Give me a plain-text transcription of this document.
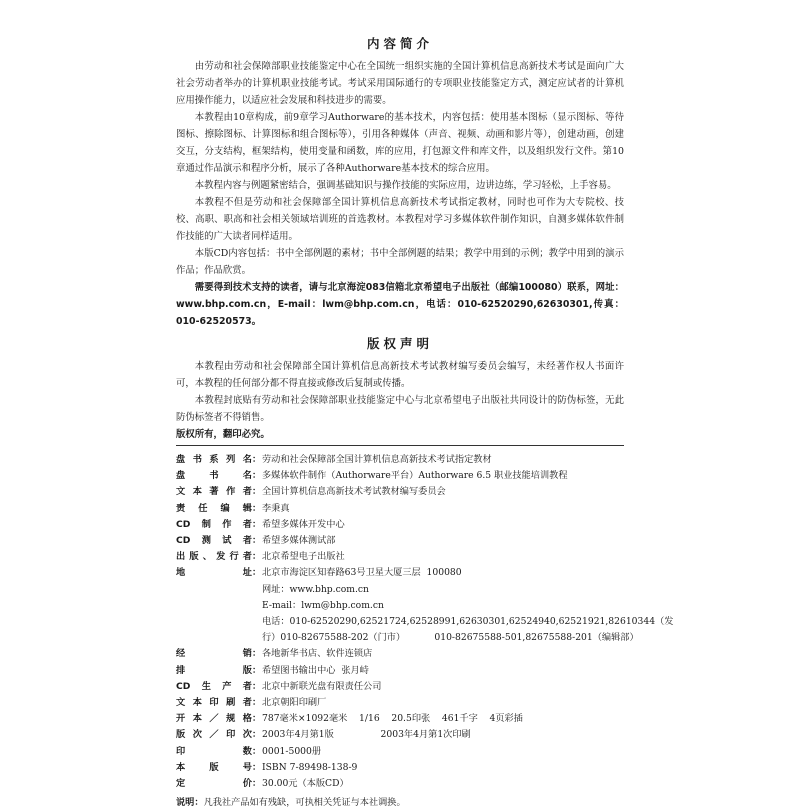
内容简介

由劳动和社会保障部职业技能鉴定中心在全国统一组织实施的全国计算机信息高新技术考试是面向广大社会劳动者举办的计算机职业技能考试。考试采用国际通行的专项职业技能鉴定方式，测定应试者的计算机应用操作能力，以适应社会发展和科技进步的需要。

本教程由10章构成，前9章学习Authorware的基本技术，内容包括：使用基本图标（显示图标、等待图标、擦除图标、计算图标和组合图标等），引用各种媒体（声音、视频、动画和影片等），创建动画，创建交互，分支结构，框架结构，使用变量和函数，库的应用，打包源文件和库文件，以及组织发行文件。第10章通过作品演示和程序分析，展示了各种Authorware基本技术的综合应用。

本教程内容与例题紧密结合，强调基础知识与操作技能的实际应用，边讲边练，学习轻松，上手容易。

本教程不但是劳动和社会保障部全国计算机信息高新技术考试指定教材，同时也可作为大专院校、技校、高职、职高和社会相关领域培训班的首选教材。本教程对学习多媒体软件制作知识，自测多媒体软件制作技能的广大读者同样适用。

本版CD内容包括：书中全部例题的素材；书中全部例题的结果；教学中用到的示例；教学中用到的演示作品；作品欣赏。

需要得到技术支持的读者，请与北京海淀083信箱北京希望电子出版社（邮编100080）联系，网址：www.bhp.com.cn，E-mail：lwm@bhp.com.cn，电话：010-62520290,62630301,传真：010-62520573。

版权声明

本教程由劳动和社会保障部全国计算机信息高新技术考试教材编写委员会编写，未经著作权人书面许可，本教程的任何部分都不得直接或修改后复制或传播。

本教程封底贴有劳动和社会保障部职业技能鉴定中心与北京希望电子出版社共同设计的防伪标签，无此防伪标签者不得销售。

版权所有，翻印必究。
盘书系列名 ： 劳动和社会保障部全国计算机信息高新技术考试指定教材
盘书名 ： 多媒体软件制作（Authorware平台）Authorware 6.5 职业技能培训教程
文本著作者 ： 全国计算机信息高新技术考试教材编写委员会
责任编辑 ： 李秉真
CD制作者 ： 希望多媒体开发中心
CD测试者 ： 希望多媒体测试部
出版、发行者 ： 北京希望电子出版社
地址 ： 北京市海淀区知春路63号卫星大厦三层  100080
网址：www.bhp.com.cn
E-mail：lwm@bhp.com.cn
电话：010-62520290,62521724,62528991,62630301,62524940,62521921,82610344（发
行）010-82675588-202（门市）          010-82675588-501,82675588-201（编辑部）
经销 ： 各地新华书店、软件连锁店
排版 ： 希望图书输出中心  张月峙
CD生产者 ： 北京中新联光盘有限责任公司
文本印刷者 ： 北京朝阳印刷厂
开本／规格 ： 787毫米×1092毫米    1/16    20.5印张    461千字    4页彩插
版次／印次 ： 2003年4月第1版                2003年4月第1次印刷
印数 ： 0001-5000册
本版号 ： ISBN 7-89498-138-9
定价 ： 30.00元（本版CD）
说明：凡我社产品如有残缺，可执相关凭证与本社调换。
